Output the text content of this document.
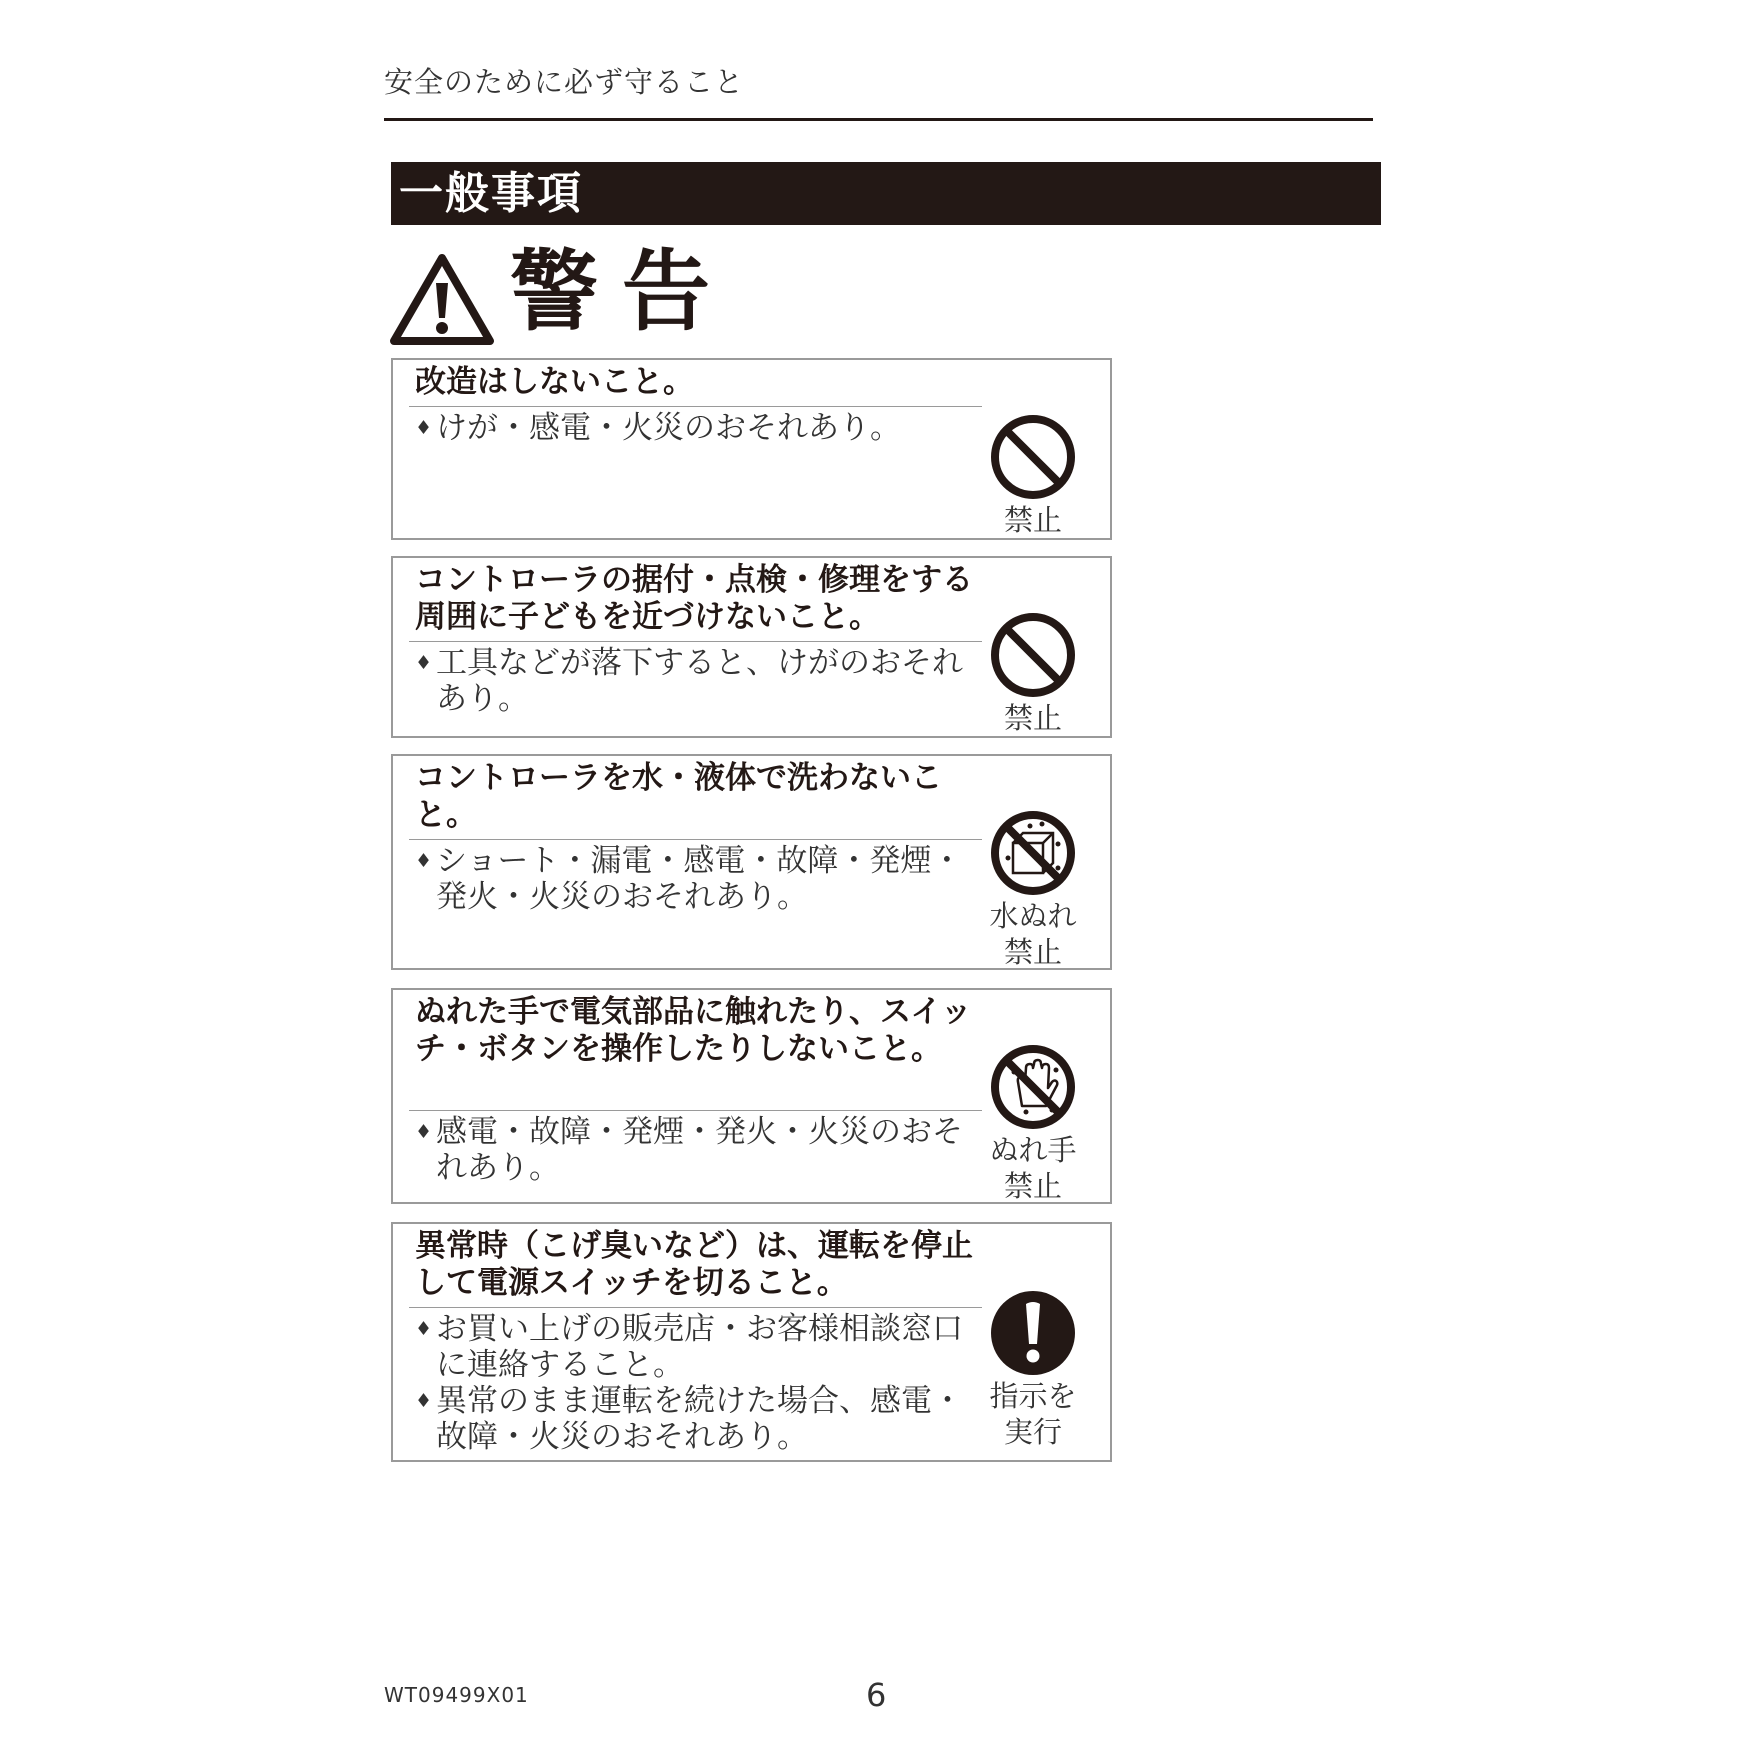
安全のために必ず守ること
一般事項
警告
改造はしないこと。
♦ けが・感電・火災のおそれあり。
禁止
コントローラの据付・点検・修理をする周囲に子どもを近づけないこと。
♦ 工具などが落下すると、けがのおそれあり。
禁止
コントローラを水・液体で洗わないこと。
♦ ショート・漏電・感電・故障・発煙・発火・火災のおそれあり。
水ぬれ
禁止
ぬれた手で電気部品に触れたり、スイッチ・ボタンを操作したりしないこと。
♦ 感電・故障・発煙・発火・火災のおそれあり。	ぬれ手
禁止
異常時（こげ臭いなど）は、運転を停止して電源スイッチを切ること。
♦ お買い上げの販売店・お客様相談窓口に連絡すること。
♦ 異常のまま運転を続けた場合、感電・故障・火災のおそれあり。
指示を
実行
WT09499X01	6
